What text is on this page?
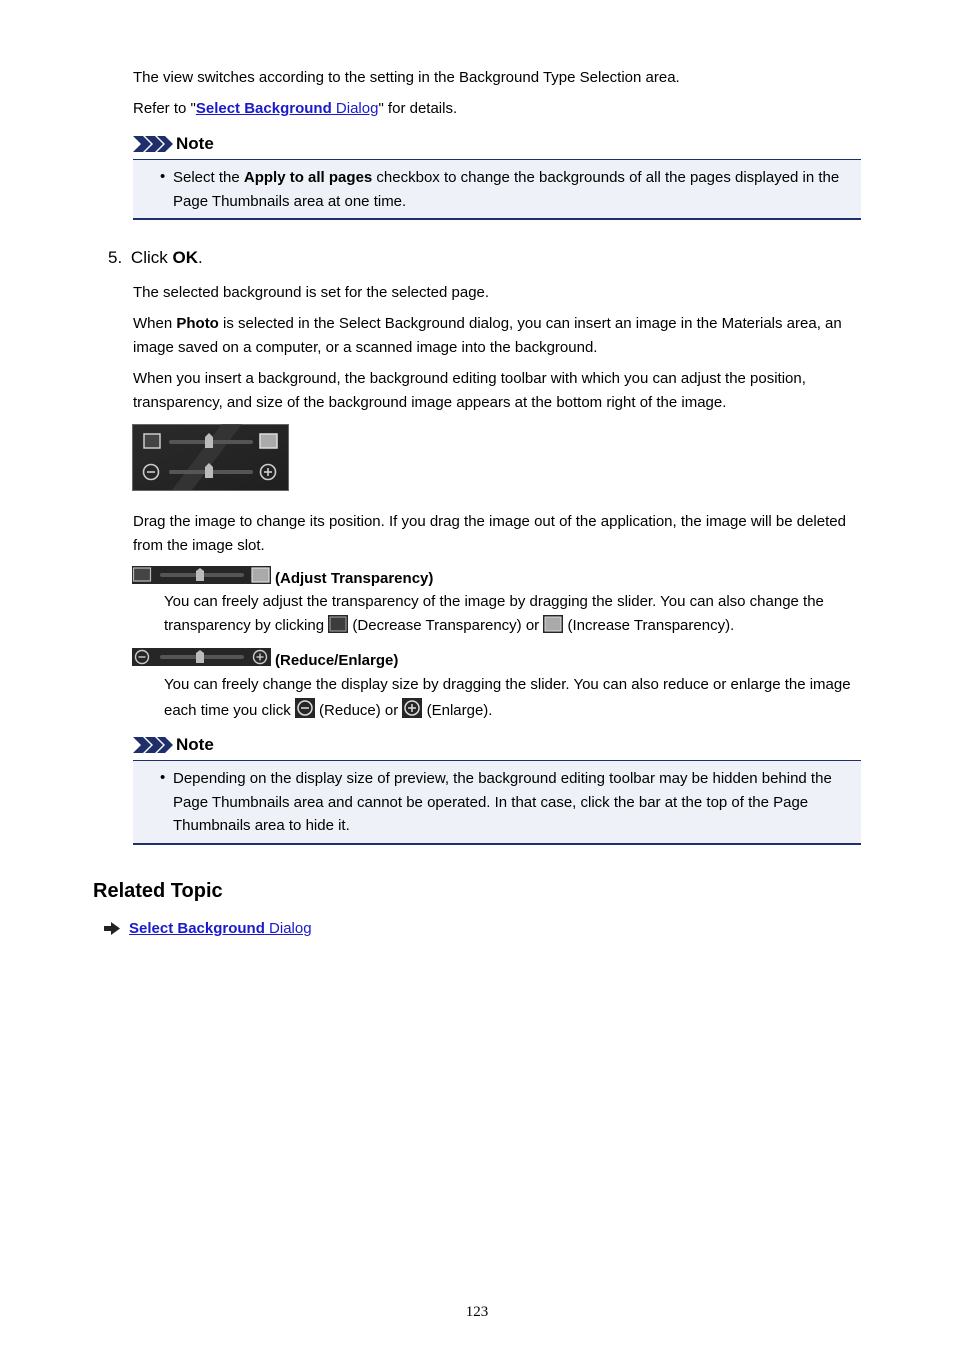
The view switches according to the setting in the Background Type Selection area.

Refer to "Select Background Dialog" for details.

Note
• Select the Apply to all pages checkbox to change the backgrounds of all the pages displayed in the Page Thumbnails area at one time.

5. Click OK.

The selected background is set for the selected page.

When Photo is selected in the Select Background dialog, you can insert an image in the Materials area, an image saved on a computer, or a scanned image into the background.

When you insert a background, the background editing toolbar with which you can adjust the position, transparency, and size of the background image appears at the bottom right of the image.

Drag the image to change its position. If you drag the image out of the application, the image will be deleted from the image slot.

(Adjust Transparency)

You can freely adjust the transparency of the image by dragging the slider. You can also change the transparency by clicking  (Decrease Transparency) or  (Increase Transparency).

(Reduce/Enlarge)

You can freely change the display size by dragging the slider. You can also reduce or enlarge the image each time you click  (Reduce) or  (Enlarge).

Note
• Depending on the display size of preview, the background editing toolbar may be hidden behind the Page Thumbnails area and cannot be operated. In that case, click the bar at the top of the Page Thumbnails area to hide it.

Related Topic
Select Background Dialog
123
